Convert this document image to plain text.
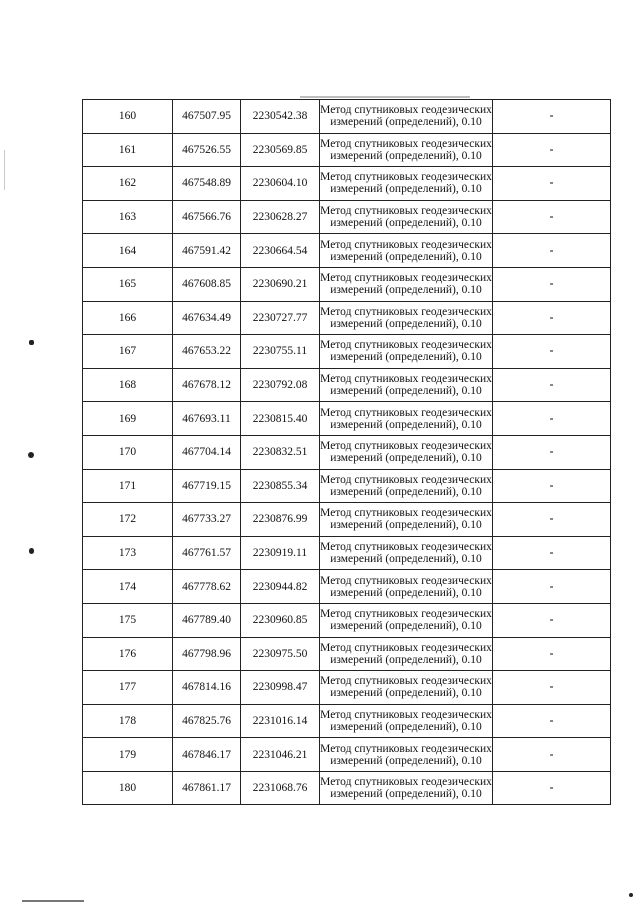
160	467507.95	2230542.38	Метод спутниковых геодезических
измерений (определений), 0.10	-
161	467526.55	2230569.85	Метод спутниковых геодезических
измерений (определений), 0.10	-
162	467548.89	2230604.10	Метод спутниковых геодезических
измерений (определений), 0.10	-
163	467566.76	2230628.27	Метод спутниковых геодезических
измерений (определений), 0.10	-
164	467591.42	2230664.54	Метод спутниковых геодезических
измерений (определений), 0.10	-
165	467608.85	2230690.21	Метод спутниковых геодезических
измерений (определений), 0.10	-
166	467634.49	2230727.77	Метод спутниковых геодезических
измерений (определений), 0.10	-
167	467653.22	2230755.11	Метод спутниковых геодезических
измерений (определений), 0.10	-
168	467678.12	2230792.08	Метод спутниковых геодезических
измерений (определений), 0.10	-
169	467693.11	2230815.40	Метод спутниковых геодезических
измерений (определений), 0.10	-
170	467704.14	2230832.51	Метод спутниковых геодезических
измерений (определений), 0.10	-
171	467719.15	2230855.34	Метод спутниковых геодезических
измерений (определений), 0.10	-
172	467733.27	2230876.99	Метод спутниковых геодезических
измерений (определений), 0.10	-
173	467761.57	2230919.11	Метод спутниковых геодезических
измерений (определений), 0.10	-
174	467778.62	2230944.82	Метод спутниковых геодезических
измерений (определений), 0.10	-
175	467789.40	2230960.85	Метод спутниковых геодезических
измерений (определений), 0.10	-
176	467798.96	2230975.50	Метод спутниковых геодезических
измерений (определений), 0.10	-
177	467814.16	2230998.47	Метод спутниковых геодезических
измерений (определений), 0.10	-
178	467825.76	2231016.14	Метод спутниковых геодезических
измерений (определений), 0.10	-
179	467846.17	2231046.21	Метод спутниковых геодезических
измерений (определений), 0.10	-
180	467861.17	2231068.76	Метод спутниковых геодезических
измерений (определений), 0.10	-
